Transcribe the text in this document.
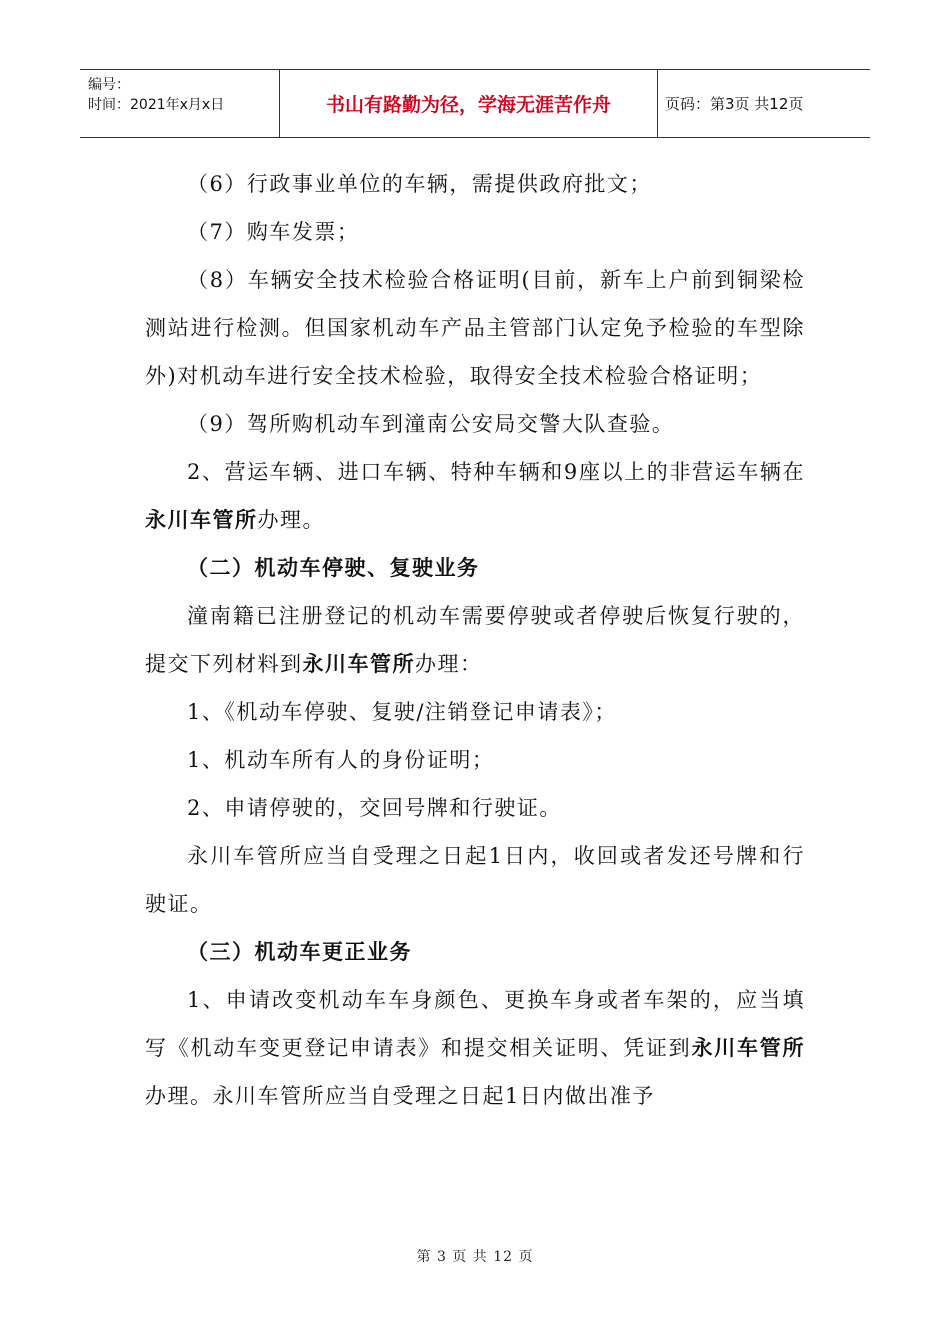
编号：
时间：2021年x月x日	书山有路勤为径，学海无涯苦作舟	页码：第3页 共12页

（6）行政事业单位的车辆，需提供政府批文；

（7）购车发票；

（8）车辆安全技术检验合格证明(目前，新车上户前到铜梁检测站进行检测。但国家机动车产品主管部门认定免予检验的车型除外)对机动车进行安全技术检验，取得安全技术检验合格证明；

（9）驾所购机动车到潼南公安局交警大队查验。

2、营运车辆、进口车辆、特种车辆和9座以上的非营运车辆在永川车管所办理。

（二）机动车停驶、复驶业务

潼南籍已注册登记的机动车需要停驶或者停驶后恢复行驶的，提交下列材料到永川车管所办理：

1、《机动车停驶、复驶/注销登记申请表》；

1、机动车所有人的身份证明；

2、申请停驶的，交回号牌和行驶证。

永川车管所应当自受理之日起1日内，收回或者发还号牌和行驶证。

（三）机动车更正业务

1、申请改变机动车车身颜色、更换车身或者车架的，应当填写《机动车变更登记申请表》和提交相关证明、凭证到永川车管所办理。永川车管所应当自受理之日起1日内做出准予

第 3 页 共 12 页
